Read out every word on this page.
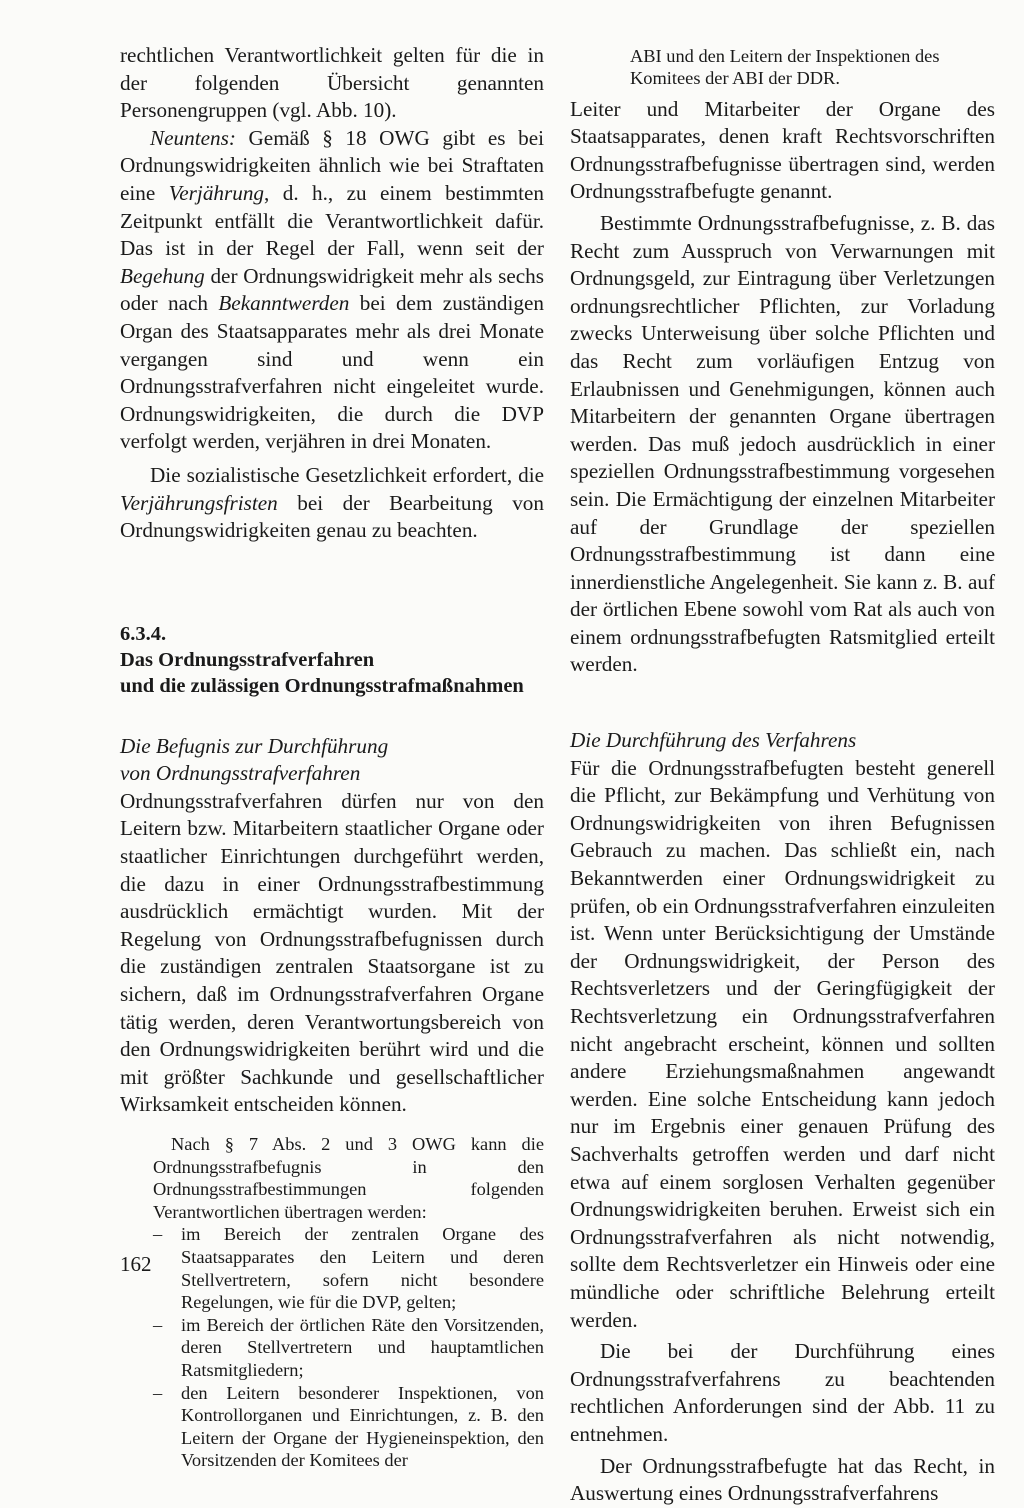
rechtlichen Verantwortlichkeit gelten für die in der folgenden Übersicht genannten Personengruppen (vgl. Abb. 10).

Neuntens: Gemäß § 18 OWG gibt es bei Ordnungswidrigkeiten ähnlich wie bei Straftaten eine Verjährung, d. h., zu einem bestimmten Zeitpunkt entfällt die Verantwortlichkeit dafür. Das ist in der Regel der Fall, wenn seit der Begehung der Ordnungswidrigkeit mehr als sechs oder nach Bekanntwerden bei dem zuständigen Organ des Staatsapparates mehr als drei Monate vergangen sind und wenn ein Ordnungsstrafverfahren nicht eingeleitet wurde. Ordnungswidrigkeiten, die durch die DVP verfolgt werden, verjähren in drei Monaten.

Die sozialistische Gesetzlichkeit erfordert, die Verjährungsfristen bei der Bearbeitung von Ordnungswidrigkeiten genau zu beachten.

6.3.4.
Das Ordnungsstrafverfahren
und die zulässigen Ordnungsstrafmaßnahmen
Die Befugnis zur Durchführung
von Ordnungsstrafverfahren

Ordnungsstrafverfahren dürfen nur von den Leitern bzw. Mitarbeitern staatlicher Organe oder staatlicher Einrichtungen durchgeführt werden, die dazu in einer Ordnungsstrafbestimmung ausdrücklich ermächtigt wurden. Mit der Regelung von Ordnungsstrafbefugnissen durch die zuständigen zentralen Staatsorgane ist zu sichern, daß im Ordnungsstrafverfahren Organe tätig werden, deren Verantwortungsbereich von den Ordnungswidrigkeiten berührt wird und die mit größter Sachkunde und gesellschaftlicher Wirksamkeit entscheiden können.

Nach § 7 Abs. 2 und 3 OWG kann die Ordnungsstrafbefugnis in den Ordnungsstrafbestimmungen folgenden Verantwortlichen übertragen werden:

– im Bereich der zentralen Organe des Staatsapparates den Leitern und deren Stellvertretern, sofern nicht besondere Regelungen, wie für die DVP, gelten;
– im Bereich der örtlichen Räte den Vorsitzenden, deren Stellvertretern und hauptamtlichen Ratsmitgliedern;
– den Leitern besonderer Inspektionen, von Kontrollorganen und Einrichtungen, z. B. den Leitern der Organe der Hygieneinspektion, den Vorsitzenden der Komitees der

ABI und den Leitern der Inspektionen des Komitees der ABI der DDR.

Leiter und Mitarbeiter der Organe des Staatsapparates, denen kraft Rechtsvorschriften Ordnungsstrafbefugnisse übertragen sind, werden Ordnungsstrafbefugte genannt.

Bestimmte Ordnungsstrafbefugnisse, z. B. das Recht zum Ausspruch von Verwarnungen mit Ordnungsgeld, zur Eintragung über Verletzungen ordnungsrechtlicher Pflichten, zur Vorladung zwecks Unterweisung über solche Pflichten und das Recht zum vorläufigen Entzug von Erlaubnissen und Genehmigungen, können auch Mitarbeitern der genannten Organe übertragen werden. Das muß jedoch ausdrücklich in einer speziellen Ordnungsstrafbestimmung vorgesehen sein. Die Ermächtigung der einzelnen Mitarbeiter auf der Grundlage der speziellen Ordnungsstrafbestimmung ist dann eine innerdienstliche Angelegenheit. Sie kann z. B. auf der örtlichen Ebene sowohl vom Rat als auch von einem ordnungsstrafbefugten Ratsmitglied erteilt werden.

Die Durchführung des Verfahrens

Für die Ordnungsstrafbefugten besteht generell die Pflicht, zur Bekämpfung und Verhütung von Ordnungswidrigkeiten von ihren Befugnissen Gebrauch zu machen. Das schließt ein, nach Bekanntwerden einer Ordnungswidrigkeit zu prüfen, ob ein Ordnungsstrafverfahren einzuleiten ist. Wenn unter Berücksichtigung der Umstände der Ordnungswidrigkeit, der Person des Rechtsverletzers und der Geringfügigkeit der Rechtsverletzung ein Ordnungsstrafverfahren nicht angebracht erscheint, können und sollten andere Erziehungsmaßnahmen angewandt werden. Eine solche Entscheidung kann jedoch nur im Ergebnis einer genauen Prüfung des Sachverhalts getroffen werden und darf nicht etwa auf einem sorglosen Verhalten gegenüber Ordnungswidrigkeiten beruhen. Erweist sich ein Ordnungsstrafverfahren als nicht notwendig, sollte dem Rechtsverletzer ein Hinweis oder eine mündliche oder schriftliche Belehrung erteilt werden.

Die bei der Durchführung eines Ordnungsstrafverfahrens zu beachtenden rechtlichen Anforderungen sind der Abb. 11 zu entnehmen.

Der Ordnungsstrafbefugte hat das Recht, in Auswertung eines Ordnungsstrafverfahrens

162
